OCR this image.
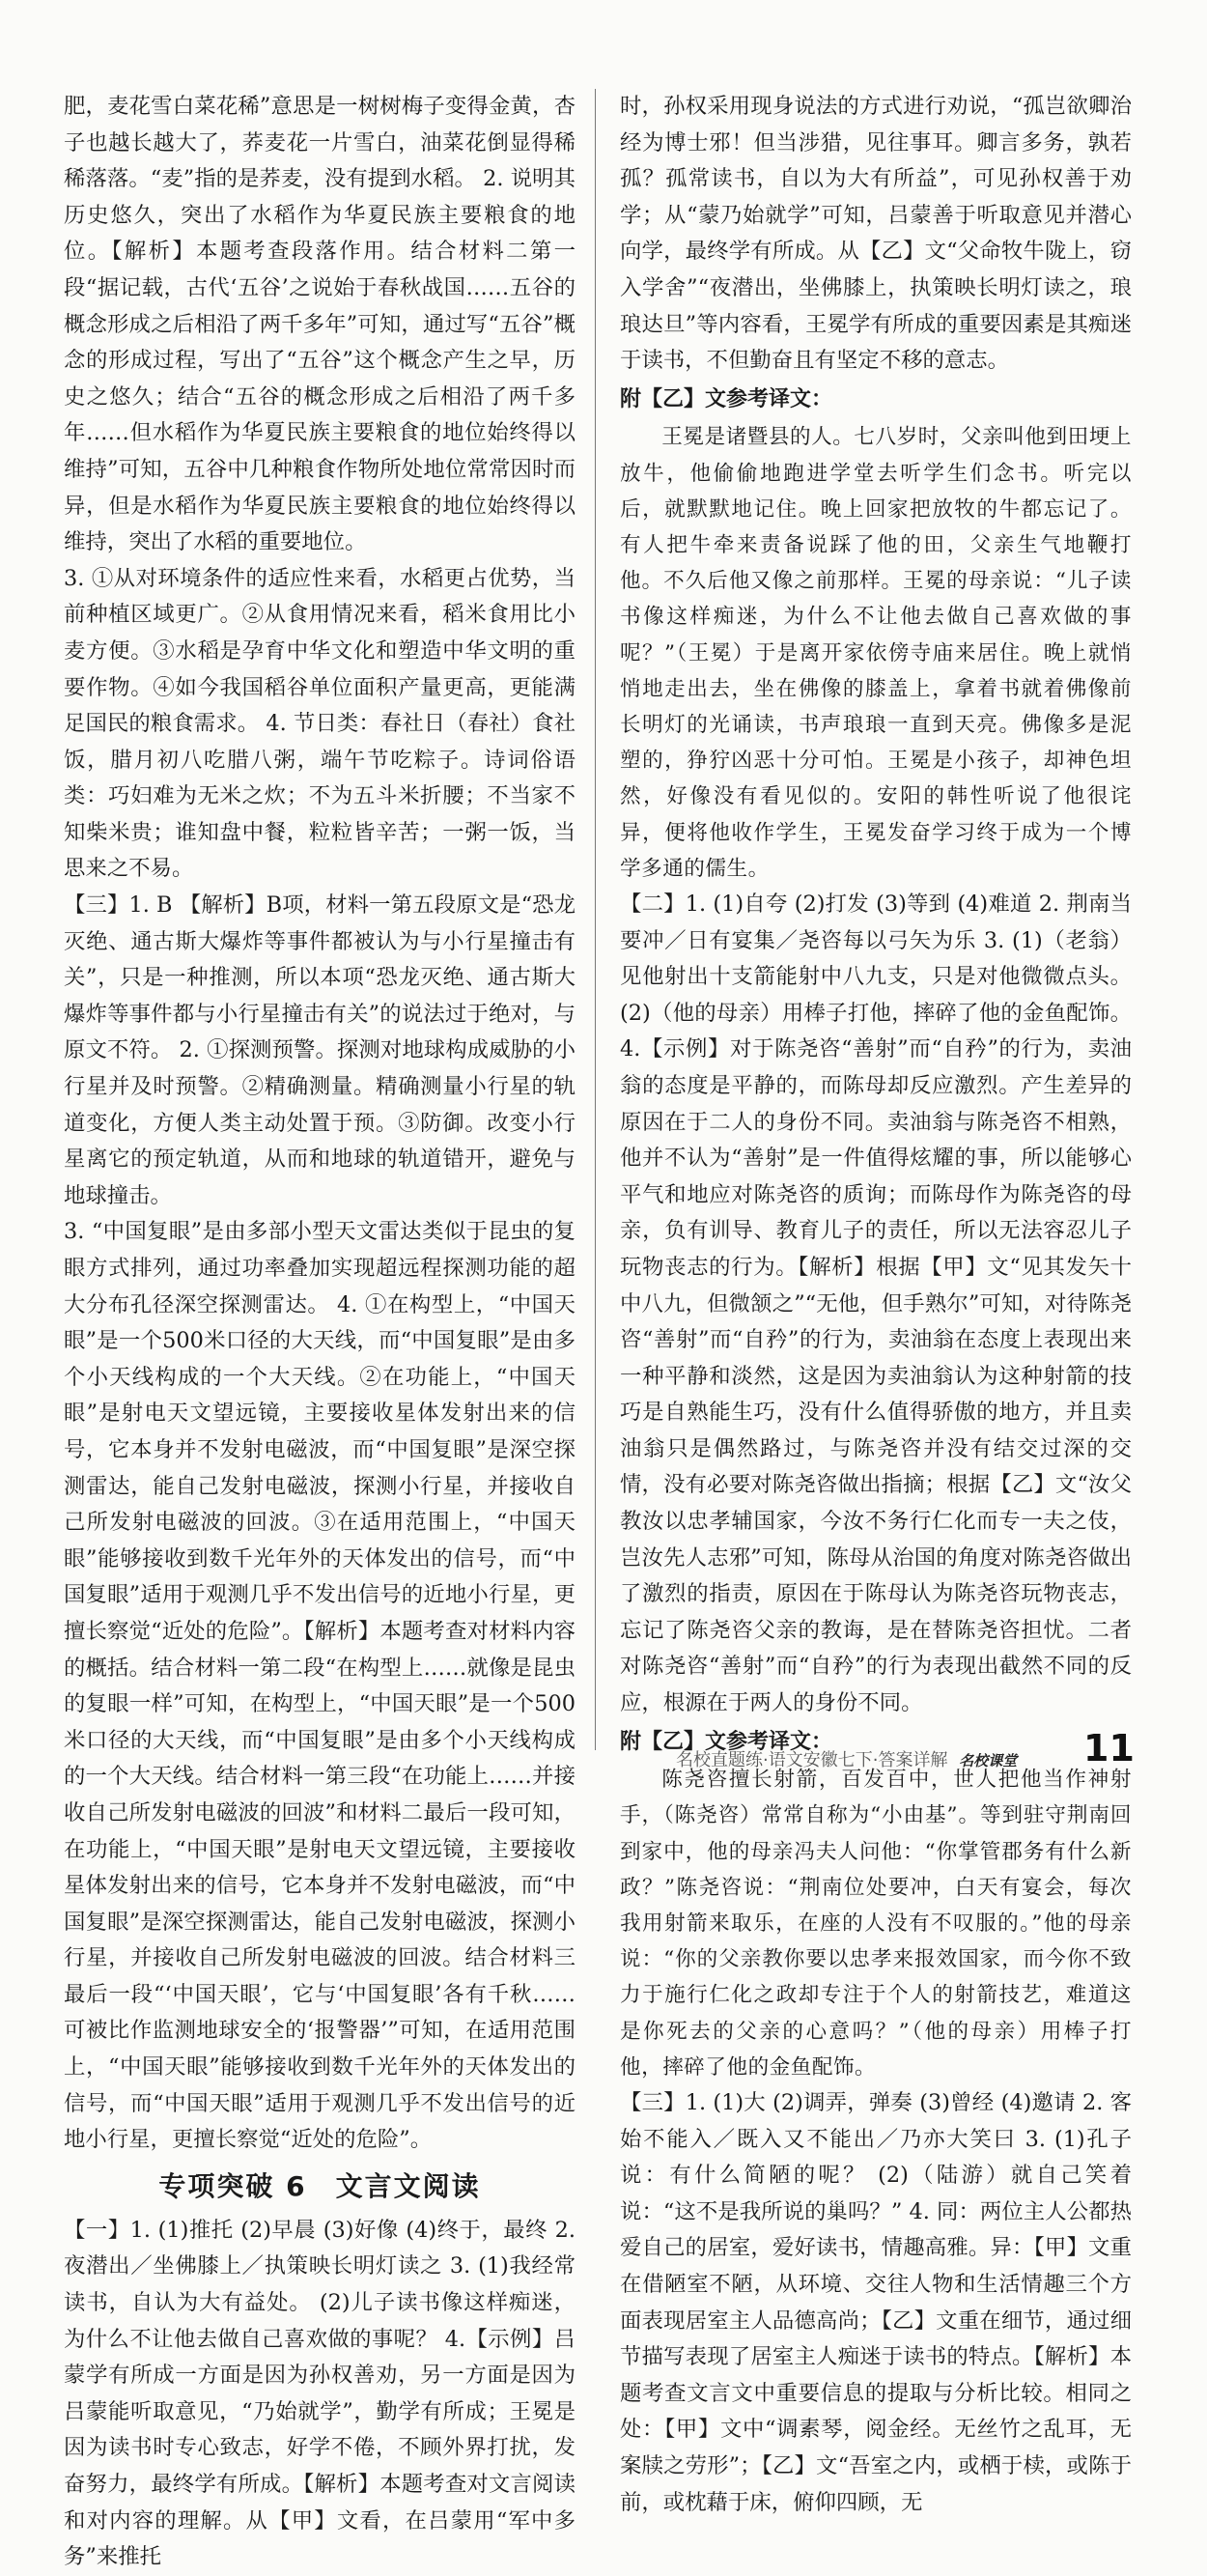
肥，麦花雪白菜花稀”意思是一树树梅子变得金黄，杏子也越长越大了，荞麦花一片雪白，油菜花倒显得稀稀落落。“麦”指的是荞麦，没有提到水稻。 2. 说明其历史悠久，突出了水稻作为华夏民族主要粮食的地位。【解析】本题考查段落作用。结合材料二第一段“据记载，古代‘五谷’之说始于春秋战国……五谷的概念形成之后相沿了两千多年”可知，通过写“五谷”概念的形成过程，写出了“五谷”这个概念产生之早，历史之悠久；结合“五谷的概念形成之后相沿了两千多年……但水稻作为华夏民族主要粮食的地位始终得以维持”可知，五谷中几种粮食作物所处地位常常因时而异，但是水稻作为华夏民族主要粮食的地位始终得以维持，突出了水稻的重要地位。

3. ①从对环境条件的适应性来看，水稻更占优势，当前种植区域更广。②从食用情况来看，稻米食用比小麦方便。③水稻是孕育中华文化和塑造中华文明的重要作物。④如今我国稻谷单位面积产量更高，更能满足国民的粮食需求。 4. 节日类：春社日（春社）食社饭，腊月初八吃腊八粥，端午节吃粽子。诗词俗语类：巧妇难为无米之炊；不为五斗米折腰；不当家不知柴米贵；谁知盘中餐，粒粒皆辛苦；一粥一饭，当思来之不易。

【三】1. B 【解析】B项，材料一第五段原文是“恐龙灭绝、通古斯大爆炸等事件都被认为与小行星撞击有关”，只是一种推测，所以本项“恐龙灭绝、通古斯大爆炸等事件都与小行星撞击有关”的说法过于绝对，与原文不符。 2. ①探测预警。探测对地球构成威胁的小行星并及时预警。②精确测量。精确测量小行星的轨道变化，方便人类主动处置于预。③防御。改变小行星离它的预定轨道，从而和地球的轨道错开，避免与地球撞击。

3. “中国复眼”是由多部小型天文雷达类似于昆虫的复眼方式排列，通过功率叠加实现超远程探测功能的超大分布孔径深空探测雷达。 4. ①在构型上，“中国天眼”是一个500米口径的大天线，而“中国复眼”是由多个小天线构成的一个大天线。②在功能上，“中国天眼”是射电天文望远镜，主要接收星体发射出来的信号，它本身并不发射电磁波，而“中国复眼”是深空探测雷达，能自己发射电磁波，探测小行星，并接收自己所发射电磁波的回波。③在适用范围上，“中国天眼”能够接收到数千光年外的天体发出的信号，而“中国复眼”适用于观测几乎不发出信号的近地小行星，更擅长察觉“近处的危险”。【解析】本题考查对材料内容的概括。结合材料一第二段“在构型上……就像是昆虫的复眼一样”可知，在构型上，“中国天眼”是一个500米口径的大天线，而“中国复眼”是由多个小天线构成的一个大天线。结合材料一第三段“在功能上……并接收自己所发射电磁波的回波”和材料二最后一段可知，在功能上，“中国天眼”是射电天文望远镜，主要接收星体发射出来的信号，它本身并不发射电磁波，而“中国复眼”是深空探测雷达，能自己发射电磁波，探测小行星，并接收自己所发射电磁波的回波。结合材料三最后一段“‘中国天眼’，它与‘中国复眼’各有千秋……可被比作监测地球安全的‘报警器’”可知，在适用范围上，“中国天眼”能够接收到数千光年外的天体发出的信号，而“中国天眼”适用于观测几乎不发出信号的近地小行星，更擅长察觉“近处的危险”。

专项突破 6　文言文阅读

【一】1. (1)推托 (2)早晨 (3)好像 (4)终于，最终 2. 夜潜出／坐佛膝上／执策映长明灯读之 3. (1)我经常读书，自认为大有益处。 (2)儿子读书像这样痴迷，为什么不让他去做自己喜欢做的事呢？ 4.【示例】吕蒙学有所成一方面是因为孙权善劝，另一方面是因为吕蒙能听取意见，“乃始就学”，勤学有所成；王冕是因为读书时专心致志，好学不倦，不顾外界打扰，发奋努力，最终学有所成。【解析】本题考查对文言阅读和对内容的理解。从【甲】文看，在吕蒙用“军中多务”来推托

时，孙权采用现身说法的方式进行劝说，“孤岂欲卿治经为博士邪！但当涉猎，见往事耳。卿言多务，孰若孤？孤常读书，自以为大有所益”，可见孙权善于劝学；从“蒙乃始就学”可知，吕蒙善于听取意见并潜心向学，最终学有所成。从【乙】文“父命牧牛陇上，窃入学舍”“夜潜出，坐佛膝上，执策映长明灯读之，琅琅达旦”等内容看，王冕学有所成的重要因素是其痴迷于读书，不但勤奋且有坚定不移的意志。

附【乙】文参考译文：

王冕是诸暨县的人。七八岁时，父亲叫他到田埂上放牛，他偷偷地跑进学堂去听学生们念书。听完以后，就默默地记住。晚上回家把放牧的牛都忘记了。有人把牛牵来责备说踩了他的田，父亲生气地鞭打他。不久后他又像之前那样。王冕的母亲说：“儿子读书像这样痴迷，为什么不让他去做自己喜欢做的事呢？”（王冕）于是离开家依傍寺庙来居住。晚上就悄悄地走出去，坐在佛像的膝盖上，拿着书就着佛像前长明灯的光诵读，书声琅琅一直到天亮。佛像多是泥塑的，狰狞凶恶十分可怕。王冕是小孩子，却神色坦然，好像没有看见似的。安阳的韩性听说了他很诧异，便将他收作学生，王冕发奋学习终于成为一个博学多通的儒生。

【二】1. (1)自夸 (2)打发 (3)等到 (4)难道 2. 荆南当要冲／日有宴集／尧咨每以弓矢为乐 3. (1)（老翁）见他射出十支箭能射中八九支，只是对他微微点头。 (2)（他的母亲）用棒子打他，摔碎了他的金鱼配饰。 4.【示例】对于陈尧咨“善射”而“自矜”的行为，卖油翁的态度是平静的，而陈母却反应激烈。产生差异的原因在于二人的身份不同。卖油翁与陈尧咨不相熟，他并不认为“善射”是一件值得炫耀的事，所以能够心平气和地应对陈尧咨的质询；而陈母作为陈尧咨的母亲，负有训导、教育儿子的责任，所以无法容忍儿子玩物丧志的行为。【解析】根据【甲】文“见其发矢十中八九，但微颔之”“无他，但手熟尔”可知，对待陈尧咨“善射”而“自矜”的行为，卖油翁在态度上表现出来一种平静和淡然，这是因为卖油翁认为这种射箭的技巧是自熟能生巧，没有什么值得骄傲的地方，并且卖油翁只是偶然路过，与陈尧咨并没有结交过深的交情，没有必要对陈尧咨做出指摘；根据【乙】文“汝父教汝以忠孝辅国家，今汝不务行仁化而专一夫之伎，岂汝先人志邪”可知，陈母从治国的角度对陈尧咨做出了激烈的指责，原因在于陈母认为陈尧咨玩物丧志，忘记了陈尧咨父亲的教诲，是在替陈尧咨担忧。二者对陈尧咨“善射”而“自矜”的行为表现出截然不同的反应，根源在于两人的身份不同。

附【乙】文参考译文：

陈尧咨擅长射箭，百发百中，世人把他当作神射手，（陈尧咨）常常自称为“小由基”。等到驻守荆南回到家中，他的母亲冯夫人问他：“你掌管郡务有什么新政？”陈尧咨说：“荆南位处要冲，白天有宴会，每次我用射箭来取乐，在座的人没有不叹服的。”他的母亲说：“你的父亲教你要以忠孝来报效国家，而今你不致力于施行仁化之政却专注于个人的射箭技艺，难道这是你死去的父亲的心意吗？”（他的母亲）用棒子打他，摔碎了他的金鱼配饰。

【三】1. (1)大 (2)调弄，弹奏 (3)曾经 (4)邀请 2. 客始不能入／既入又不能出／乃亦大笑曰 3. (1)孔子说：有什么简陋的呢？ (2)（陆游）就自己笑着说：“这不是我所说的巢吗？” 4. 同：两位主人公都热爱自己的居室，爱好读书，情趣高雅。异：【甲】文重在借陋室不陋，从环境、交往人物和生活情趣三个方面表现居室主人品德高尚；【乙】文重在细节，通过细节描写表现了居室主人痴迷于读书的特点。【解析】本题考查文言文中重要信息的提取与分析比较。相同之处：【甲】文中“调素琴，阅金经。无丝竹之乱耳，无案牍之劳形”；【乙】文“吾室之内，或栖于椟，或陈于前，或枕藉于床，俯仰四顾，无

名校直题练·语文安徽七下·答案详解 名校课堂 11
